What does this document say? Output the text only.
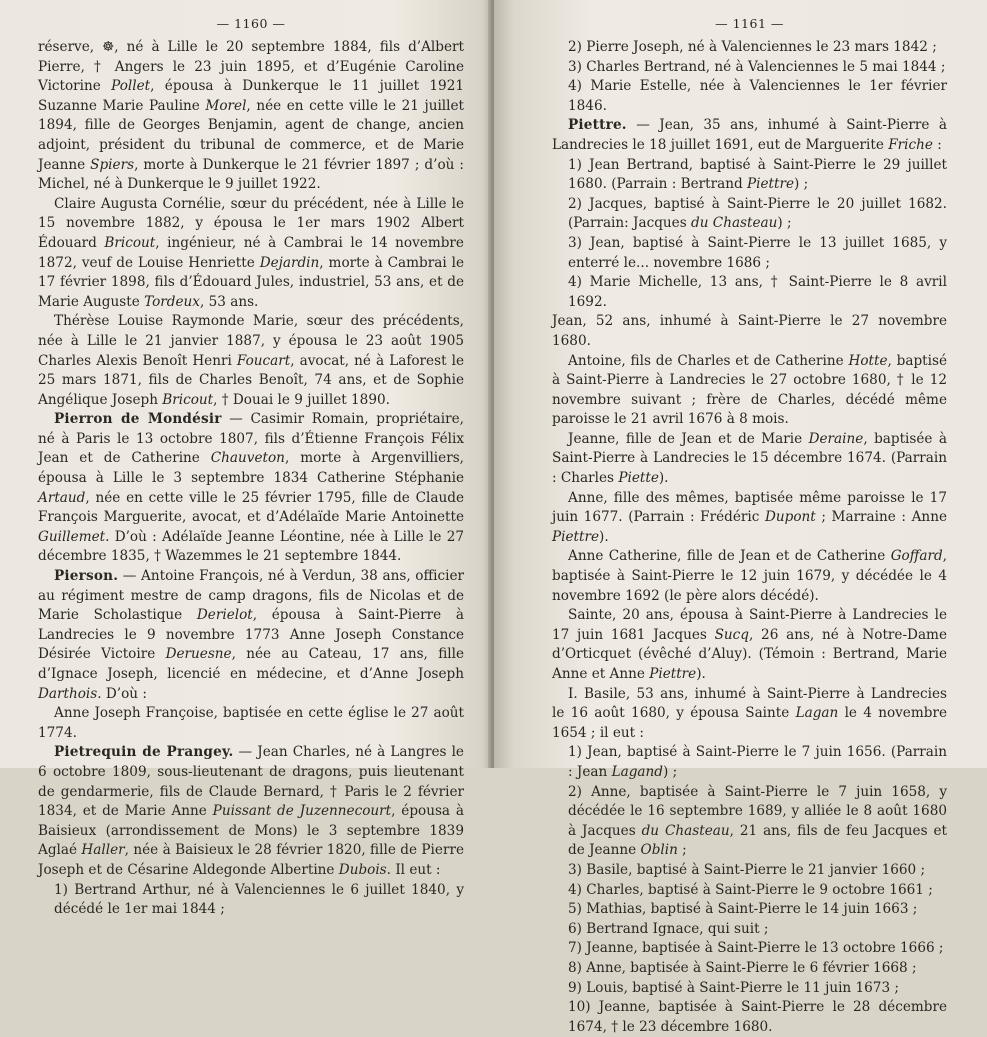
— 1160 —

réserve, ☸, né à Lille le 20 septembre 1884, fils d’Albert Pierre, † Angers le 23 juin 1895, et d’Eugénie Caroline Victorine Pollet, épousa à Dunkerque le 11 juillet 1921 Suzanne Marie Pauline Morel, née en cette ville le 21 juillet 1894, fille de Georges Benjamin, agent de change, ancien adjoint, président du tribunal de commerce, et de Marie Jeanne Spiers, morte à Dunkerque le 21 février 1897 ; d’où : Michel, né à Dunkerque le 9 juillet 1922.

Claire Augusta Cornélie, sœur du précédent, née à Lille le 15 novembre 1882, y épousa le 1er mars 1902 Albert Édouard Bricout, ingénieur, né à Cambrai le 14 novembre 1872, veuf de Louise Henriette Dejardin, morte à Cambrai le 17 février 1898, fils d’Édouard Jules, industriel, 53 ans, et de Marie Auguste Tordeux, 53 ans.

Thérèse Louise Raymonde Marie, sœur des précédents, née à Lille le 21 janvier 1887, y épousa le 23 août 1905 Charles Alexis Benoît Henri Foucart, avocat, né à Laforest le 25 mars 1871, fils de Charles Benoît, 74 ans, et de Sophie Angélique Joseph Bricout, † Douai le 9 juillet 1890.

Pierron de Mondésir — Casimir Romain, propriétaire, né à Paris le 13 octobre 1807, fils d’Étienne François Félix Jean et de Catherine Chauveton, morte à Argenvilliers, épousa à Lille le 3 septembre 1834 Catherine Stéphanie Artaud, née en cette ville le 25 février 1795, fille de Claude François Marguerite, avocat, et d’Adélaïde Marie Antoinette Guillemet. D’où : Adélaïde Jeanne Léontine, née à Lille le 27 décembre 1835, † Wazemmes le 21 septembre 1844.

Pierson. — Antoine François, né à Verdun, 38 ans, officier au régiment mestre de camp dragons, fils de Nicolas et de Marie Scholastique Derielot, épousa à Saint-Pierre à Landrecies le 9 novembre 1773 Anne Joseph Constance Désirée Victoire Deruesne, née au Cateau, 17 ans, fille d’Ignace Joseph, licencié en médecine, et d’Anne Joseph Darthois. D’où :

Anne Joseph Françoise, baptisée en cette église le 27 août 1774.

Pietrequin de Prangey. — Jean Charles, né à Langres le 6 octobre 1809, sous-lieutenant de dragons, puis lieutenant de gendarmerie, fils de Claude Bernard, † Paris le 2 février 1834, et de Marie Anne Puissant de Juzennecourt, épousa à Baisieux (arrondissement de Mons) le 3 septembre 1839 Aglaé Haller, née à Baisieux le 28 février 1820, fille de Pierre Joseph et de Césarine Aldegonde Albertine Dubois. Il eut :

1) Bertrand Arthur, né à Valenciennes le 6 juillet 1840, y décédé le 1er mai 1844 ;

— 1161 —

2) Pierre Joseph, né à Valenciennes le 23 mars 1842 ;

3) Charles Bertrand, né à Valenciennes le 5 mai 1844 ;

4) Marie Estelle, née à Valenciennes le 1er février 1846.

Piettre. — Jean, 35 ans, inhumé à Saint-Pierre à Landrecies le 18 juillet 1691, eut de Marguerite Friche :

1) Jean Bertrand, baptisé à Saint-Pierre le 29 juillet 1680. (Parrain : Bertrand Piettre) ;

2) Jacques, baptisé à Saint-Pierre le 20 juillet 1682. (Parrain: Jacques du Chasteau) ;

3) Jean, baptisé à Saint-Pierre le 13 juillet 1685, y enterré le... novembre 1686 ;

4) Marie Michelle, 13 ans, † Saint-Pierre le 8 avril 1692.

Jean, 52 ans, inhumé à Saint-Pierre le 27 novembre 1680.

Antoine, fils de Charles et de Catherine Hotte, baptisé à Saint-Pierre à Landrecies le 27 octobre 1680, † le 12 novembre suivant ; frère de Charles, décédé même paroisse le 21 avril 1676 à 8 mois.

Jeanne, fille de Jean et de Marie Deraine, baptisée à Saint-Pierre à Landrecies le 15 décembre 1674. (Parrain : Charles Piette).

Anne, fille des mêmes, baptisée même paroisse le 17 juin 1677. (Parrain : Frédéric Dupont ; Marraine : Anne Piettre).

Anne Catherine, fille de Jean et de Catherine Goffard, baptisée à Saint-Pierre le 12 juin 1679, y décédée le 4 novembre 1692 (le père alors décédé).

Sainte, 20 ans, épousa à Saint-Pierre à Landrecies le 17 juin 1681 Jacques Sucq, 26 ans, né à Notre-Dame d’Orticquet (évêché d’Aluy). (Témoin : Bertrand, Marie Anne et Anne Piettre).

I. Basile, 53 ans, inhumé à Saint-Pierre à Landrecies le 16 août 1680, y épousa Sainte Lagan le 4 novembre 1654 ; il eut :

1) Jean, baptisé à Saint-Pierre le 7 juin 1656. (Parrain : Jean Lagand) ;

2) Anne, baptisée à Saint-Pierre le 7 juin 1658, y décédée le 16 septembre 1689, y alliée le 8 août 1680 à Jacques du Chasteau, 21 ans, fils de feu Jacques et de Jeanne Oblin ;

3) Basile, baptisé à Saint-Pierre le 21 janvier 1660 ;

4) Charles, baptisé à Saint-Pierre le 9 octobre 1661 ;

5) Mathias, baptisé à Saint-Pierre le 14 juin 1663 ;

6) Bertrand Ignace, qui suit ;

7) Jeanne, baptisée à Saint-Pierre le 13 octobre 1666 ;

8) Anne, baptisée à Saint-Pierre le 6 février 1668 ;

9) Louis, baptisé à Saint-Pierre le 11 juin 1673 ;

10) Jeanne, baptisée à Saint-Pierre le 28 décembre 1674, † le 23 décembre 1680.
